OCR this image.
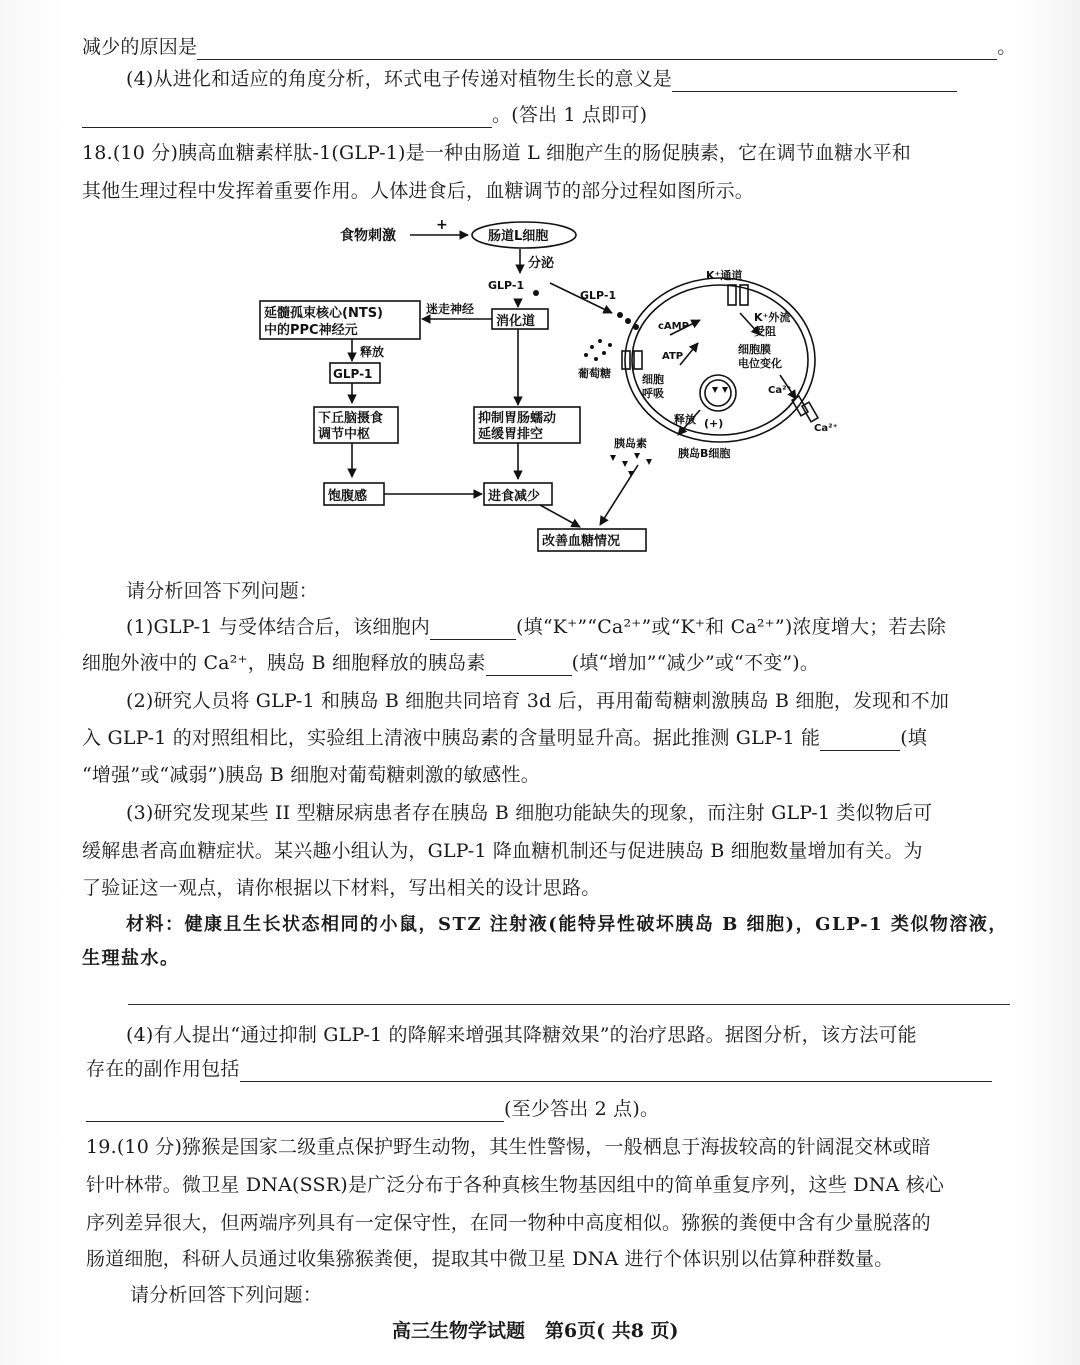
减少的原因是	。
(4)从进化和适应的角度分析，环式电子传递对植物生长的意义是
。(答出 1 点即可)
18.(10 分)胰高血糖素样肽-1(GLP-1)是一种由肠道 L 细胞产生的肠促胰素，它在调节血糖水平和
其他生理过程中发挥着重要作用。人体进食后，血糖调节的部分过程如图所示。
食物刺激
+
肠道L细胞
分泌
GLP-1
GLP-1
延髓孤束核心(NTS)
中的PPC神经元
迷走神经
消化道
释放
GLP-1
下丘脑摄食
调节中枢
抑制胃肠蠕动
延缓胃排空
饱腹感	进食减少
改善血糖情况
K⁺通道
K⁺外流
受阻
cAMP
ATP
细胞膜
电位变化
Ca²⁺
Ca²⁺
葡萄糖	细胞
呼吸
释放 (+)
胰岛素
胰岛B细胞
请分析回答下列问题：
(1)GLP-1 与受体结合后，该细胞内	(填“K⁺”“Ca²⁺”或“K⁺和 Ca²⁺”)浓度增大；若去除
细胞外液中的 Ca²⁺，胰岛 B 细胞释放的胰岛素	(填“增加”“减少”或“不变”)。
(2)研究人员将 GLP-1 和胰岛 B 细胞共同培育 3d 后，再用葡萄糖刺激胰岛 B 细胞，发现和不加
入 GLP-1 的对照组相比，实验组上清液中胰岛素的含量明显升高。据此推测 GLP-1 能	(填
“增强”或“减弱”)胰岛 B 细胞对葡萄糖刺激的敏感性。
(3)研究发现某些 II 型糖尿病患者存在胰岛 B 细胞功能缺失的现象，而注射 GLP-1 类似物后可
缓解患者高血糖症状。某兴趣小组认为，GLP-1 降血糖机制还与促进胰岛 B 细胞数量增加有关。为
了验证这一观点，请你根据以下材料，写出相关的设计思路。
材料：健康且生长状态相同的小鼠，STZ 注射液(能特异性破坏胰岛 B 细胞)，GLP-1 类似物溶液，
生理盐水。
(4)有人提出“通过抑制 GLP-1 的降解来增强其降糖效果”的治疗思路。据图分析，该方法可能
存在的副作用包括
(至少答出 2 点)。
19.(10 分)猕猴是国家二级重点保护野生动物，其生性警惕，一般栖息于海拔较高的针阔混交林或暗
针叶林带。微卫星 DNA(SSR)是广泛分布于各种真核生物基因组中的简单重复序列，这些 DNA 核心
序列差异很大，但两端序列具有一定保守性，在同一物种中高度相似。猕猴的粪便中含有少量脱落的
肠道细胞，科研人员通过收集猕猴粪便，提取其中微卫星 DNA 进行个体识别以估算种群数量。
请分析回答下列问题：
高三生物学试题 第6页( 共8 页)
